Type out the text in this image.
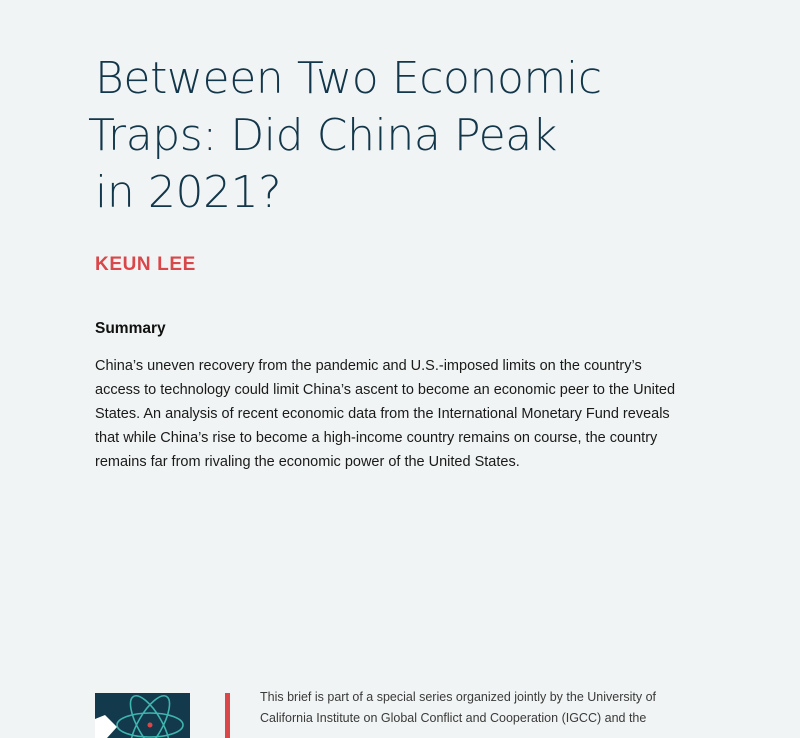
Between Two Economic
Traps: Did China Peak
in 2021?
KEUN LEE
Summary

China’s uneven recovery from the pandemic and U.S.-imposed limits on the country’s access to technology could limit China’s ascent to become an economic peer to the United States. An analysis of recent economic data from the International Monetary Fund reveals that while China’s rise to become a high-income country remains on course, the country remains far from rivaling the economic power of the United States.

This brief is part of a special series organized jointly by the University of California Institute on Global Conflict and Cooperation (IGCC) and the
